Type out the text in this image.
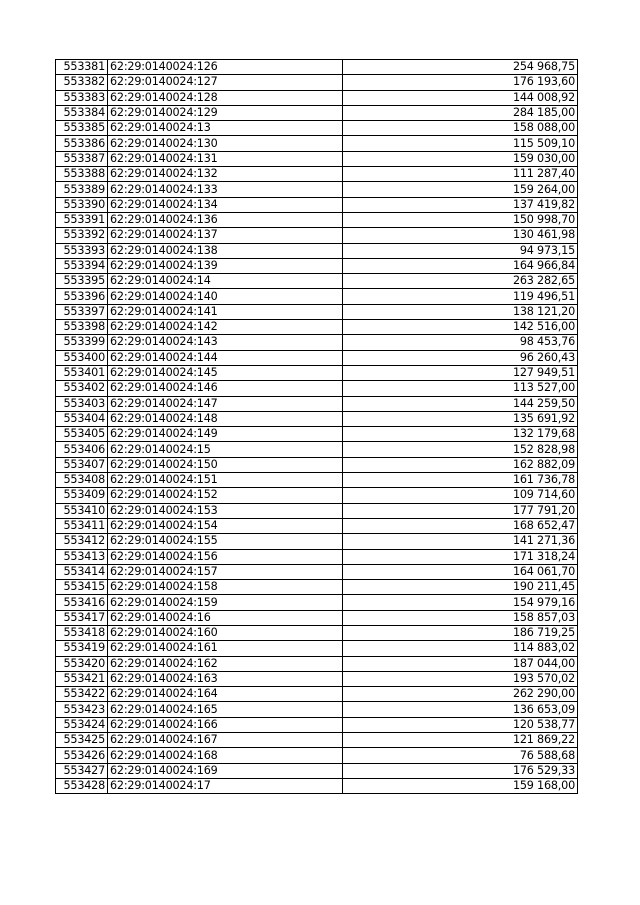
553381	62:29:0140024:126	254 968,75
553382	62:29:0140024:127	176 193,60
553383	62:29:0140024:128	144 008,92
553384	62:29:0140024:129	284 185,00
553385	62:29:0140024:13	158 088,00
553386	62:29:0140024:130	115 509,10
553387	62:29:0140024:131	159 030,00
553388	62:29:0140024:132	111 287,40
553389	62:29:0140024:133	159 264,00
553390	62:29:0140024:134	137 419,82
553391	62:29:0140024:136	150 998,70
553392	62:29:0140024:137	130 461,98
553393	62:29:0140024:138	94 973,15
553394	62:29:0140024:139	164 966,84
553395	62:29:0140024:14	263 282,65
553396	62:29:0140024:140	119 496,51
553397	62:29:0140024:141	138 121,20
553398	62:29:0140024:142	142 516,00
553399	62:29:0140024:143	98 453,76
553400	62:29:0140024:144	96 260,43
553401	62:29:0140024:145	127 949,51
553402	62:29:0140024:146	113 527,00
553403	62:29:0140024:147	144 259,50
553404	62:29:0140024:148	135 691,92
553405	62:29:0140024:149	132 179,68
553406	62:29:0140024:15	152 828,98
553407	62:29:0140024:150	162 882,09
553408	62:29:0140024:151	161 736,78
553409	62:29:0140024:152	109 714,60
553410	62:29:0140024:153	177 791,20
553411	62:29:0140024:154	168 652,47
553412	62:29:0140024:155	141 271,36
553413	62:29:0140024:156	171 318,24
553414	62:29:0140024:157	164 061,70
553415	62:29:0140024:158	190 211,45
553416	62:29:0140024:159	154 979,16
553417	62:29:0140024:16	158 857,03
553418	62:29:0140024:160	186 719,25
553419	62:29:0140024:161	114 883,02
553420	62:29:0140024:162	187 044,00
553421	62:29:0140024:163	193 570,02
553422	62:29:0140024:164	262 290,00
553423	62:29:0140024:165	136 653,09
553424	62:29:0140024:166	120 538,77
553425	62:29:0140024:167	121 869,22
553426	62:29:0140024:168	76 588,68
553427	62:29:0140024:169	176 529,33
553428	62:29:0140024:17	159 168,00
